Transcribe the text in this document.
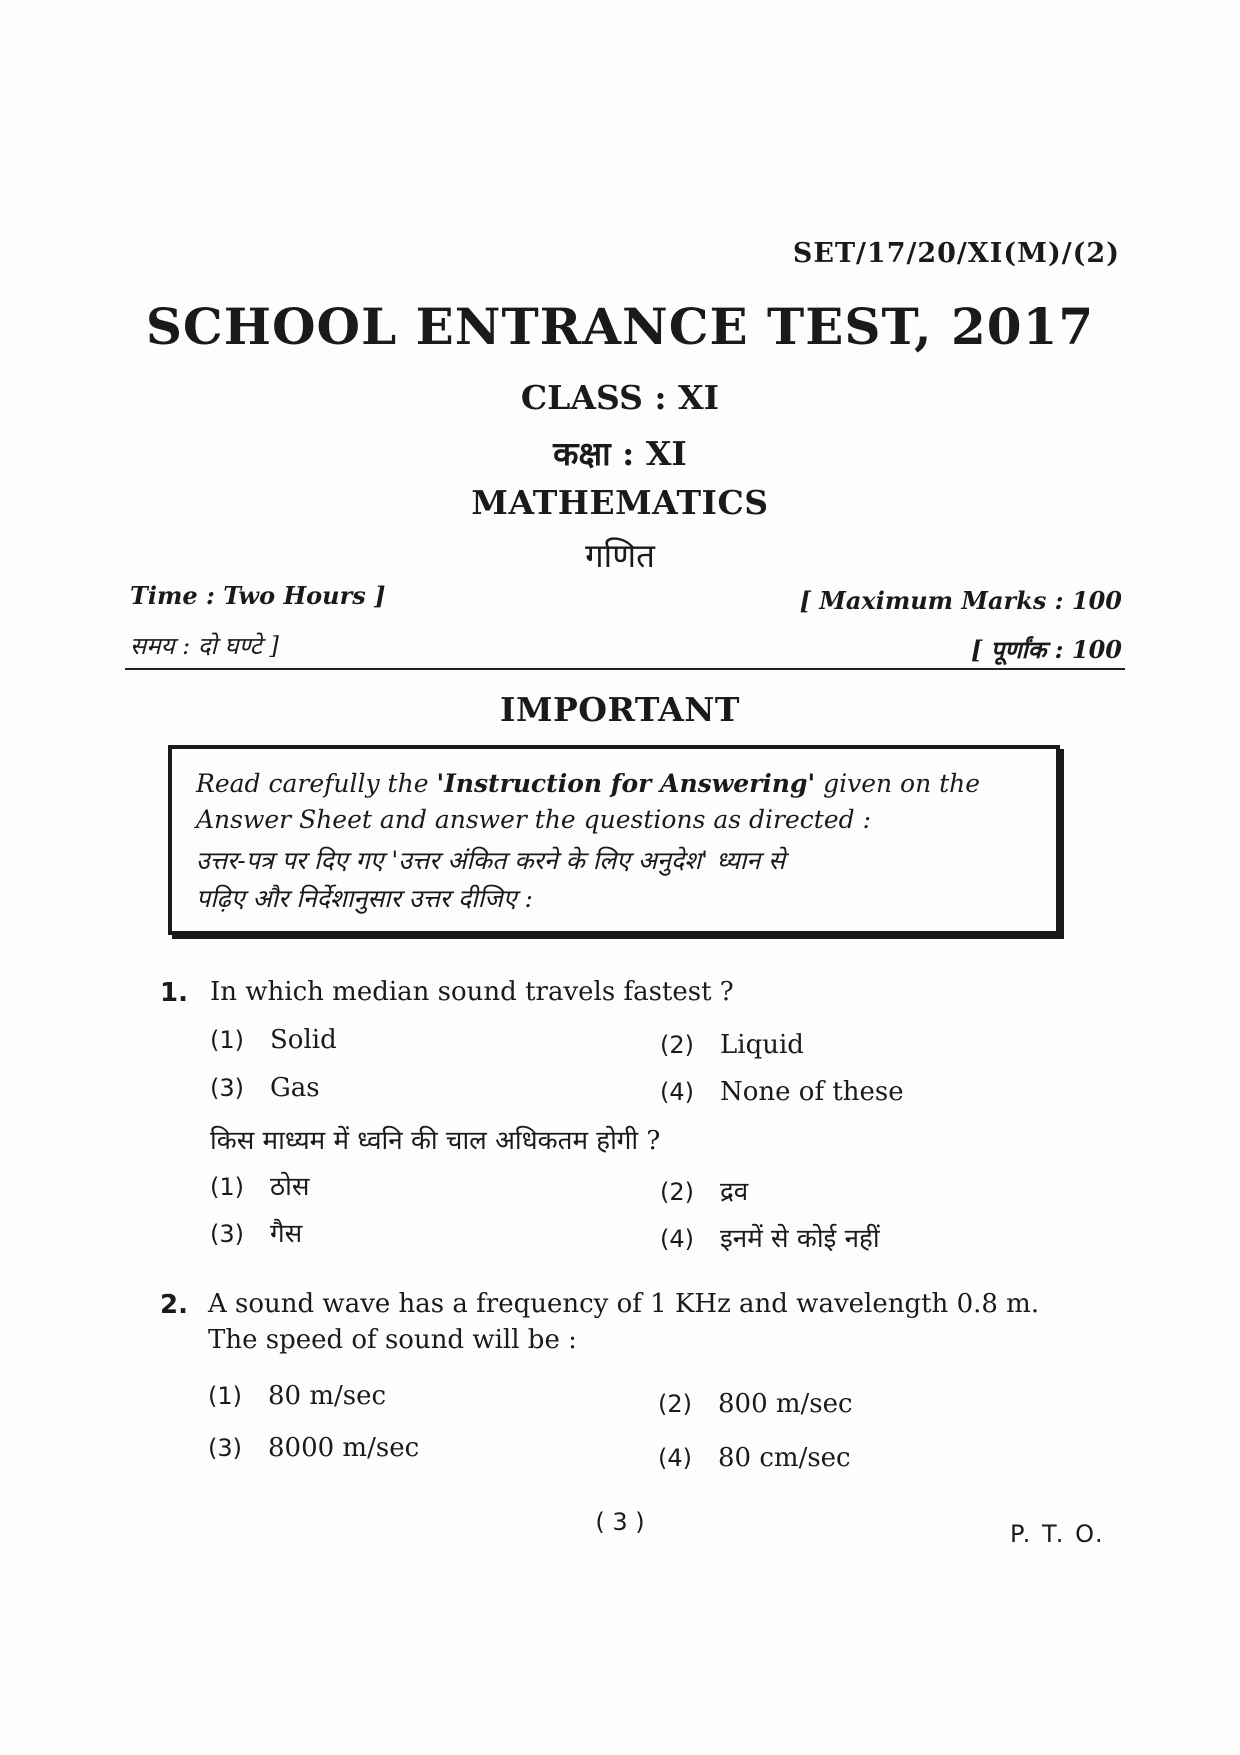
SET/17/20/XI(M)/(2)
SCHOOL ENTRANCE TEST, 2017
CLASS : XI
कक्षा : XI
MATHEMATICS
गणित
Time : Two Hours ]
समय : दो घण्टे ]
[ Maximum Marks : 100
[ पूर्णांक : 100
IMPORTANT
Read carefully the 'Instruction for Answering' given on the
Answer Sheet and answer the questions as directed :
उत्तर-पत्र पर दिए गए 'उत्तर अंकित करने के लिए अनुदेश' ध्यान से
पढ़िए और निर्देशानुसार उत्तर दीजिए :
1. In which median sound travels fastest ?
(1) Solid	(2) Liquid
(3) Gas	(4) None of these
किस माध्यम में ध्वनि की चाल अधिकतम होगी ?
(1) ठोस	(2) द्रव
(3) गैस	(4) इनमें से कोई नहीं
2. A sound wave has a frequency of 1 KHz and wavelength 0.8 m.
The speed of sound will be :
(1) 80 m/sec	(2) 800 m/sec
(3) 8000 m/sec	(4) 80 cm/sec
( 3 )	P. T. O.
